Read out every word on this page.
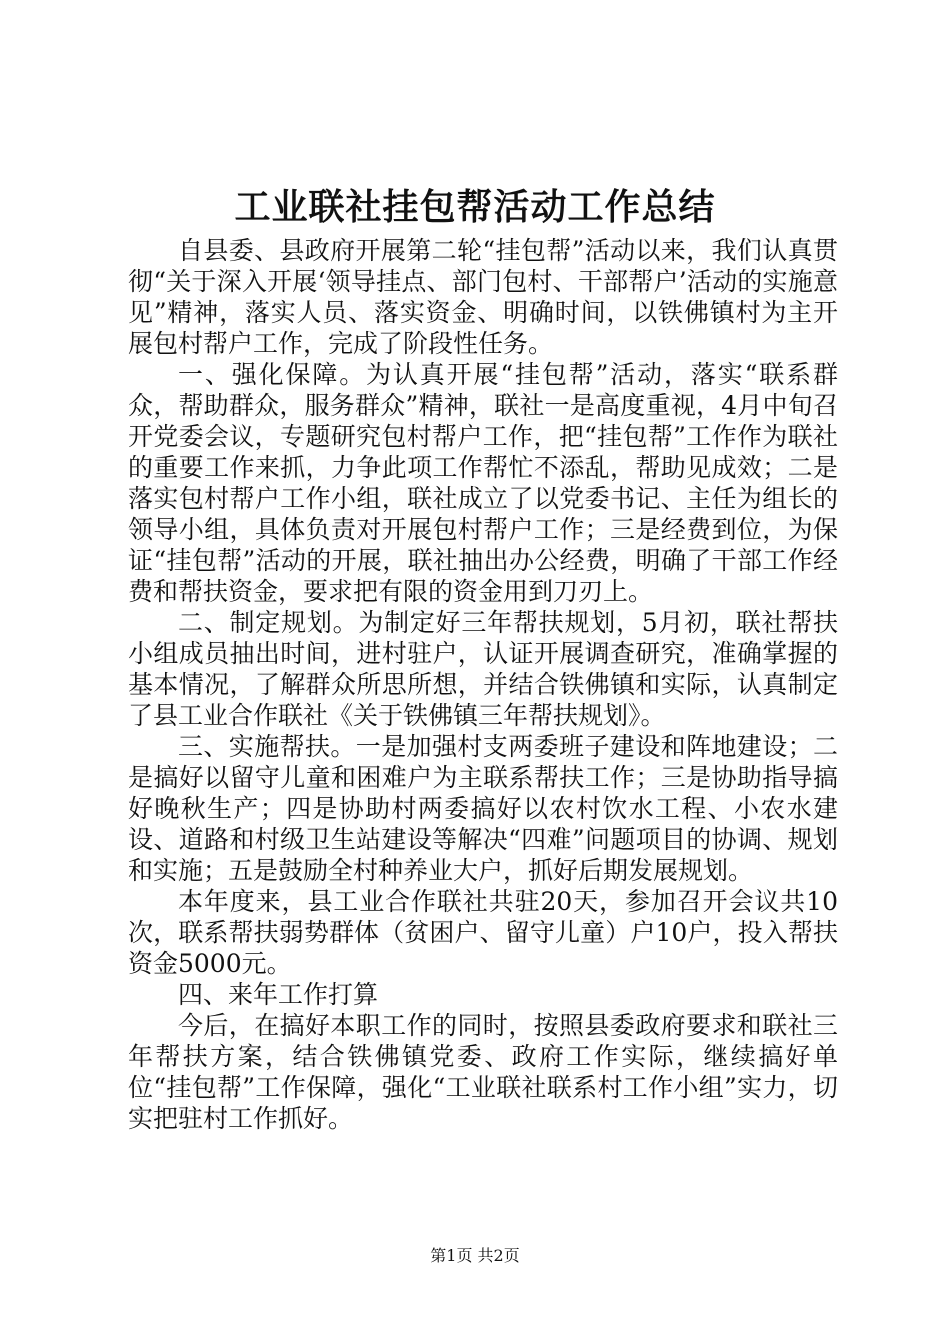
工业联社挂包帮活动工作总结

自县委、县政府开展第二轮“挂包帮”活动以来，我们认真贯彻“关于深入开展‘领导挂点、部门包村、干部帮户’活动的实施意见”精神，落实人员、落实资金、明确时间，以铁佛镇村为主开展包村帮户工作，完成了阶段性任务。

一、强化保障。为认真开展“挂包帮”活动，落实“联系群众，帮助群众，服务群众”精神，联社一是高度重视，4月中旬召开党委会议，专题研究包村帮户工作，把“挂包帮”工作作为联社的重要工作来抓，力争此项工作帮忙不添乱，帮助见成效；二是落实包村帮户工作小组，联社成立了以党委书记、主任为组长的领导小组，具体负责对开展包村帮户工作；三是经费到位，为保证“挂包帮”活动的开展，联社抽出办公经费，明确了干部工作经费和帮扶资金，要求把有限的资金用到刀刃上。

二、制定规划。为制定好三年帮扶规划，5月初，联社帮扶小组成员抽出时间，进村驻户，认证开展调查研究，准确掌握的基本情况，了解群众所思所想，并结合铁佛镇和实际，认真制定了县工业合作联社《关于铁佛镇三年帮扶规划》。

三、实施帮扶。一是加强村支两委班子建设和阵地建设；二是搞好以留守儿童和困难户为主联系帮扶工作；三是协助指导搞好晚秋生产；四是协助村两委搞好以农村饮水工程、小农水建设、道路和村级卫生站建设等解决“四难”问题项目的协调、规划和实施；五是鼓励全村种养业大户，抓好后期发展规划。

本年度来，县工业合作联社共驻20天，参加召开会议共10次，联系帮扶弱势群体（贫困户、留守儿童）户10户，投入帮扶资金5000元。

四、来年工作打算

今后，在搞好本职工作的同时，按照县委政府要求和联社三年帮扶方案，结合铁佛镇党委、政府工作实际，继续搞好单位“挂包帮”工作保障，强化“工业联社联系村工作小组”实力，切实把驻村工作抓好。

第1页 共2页
